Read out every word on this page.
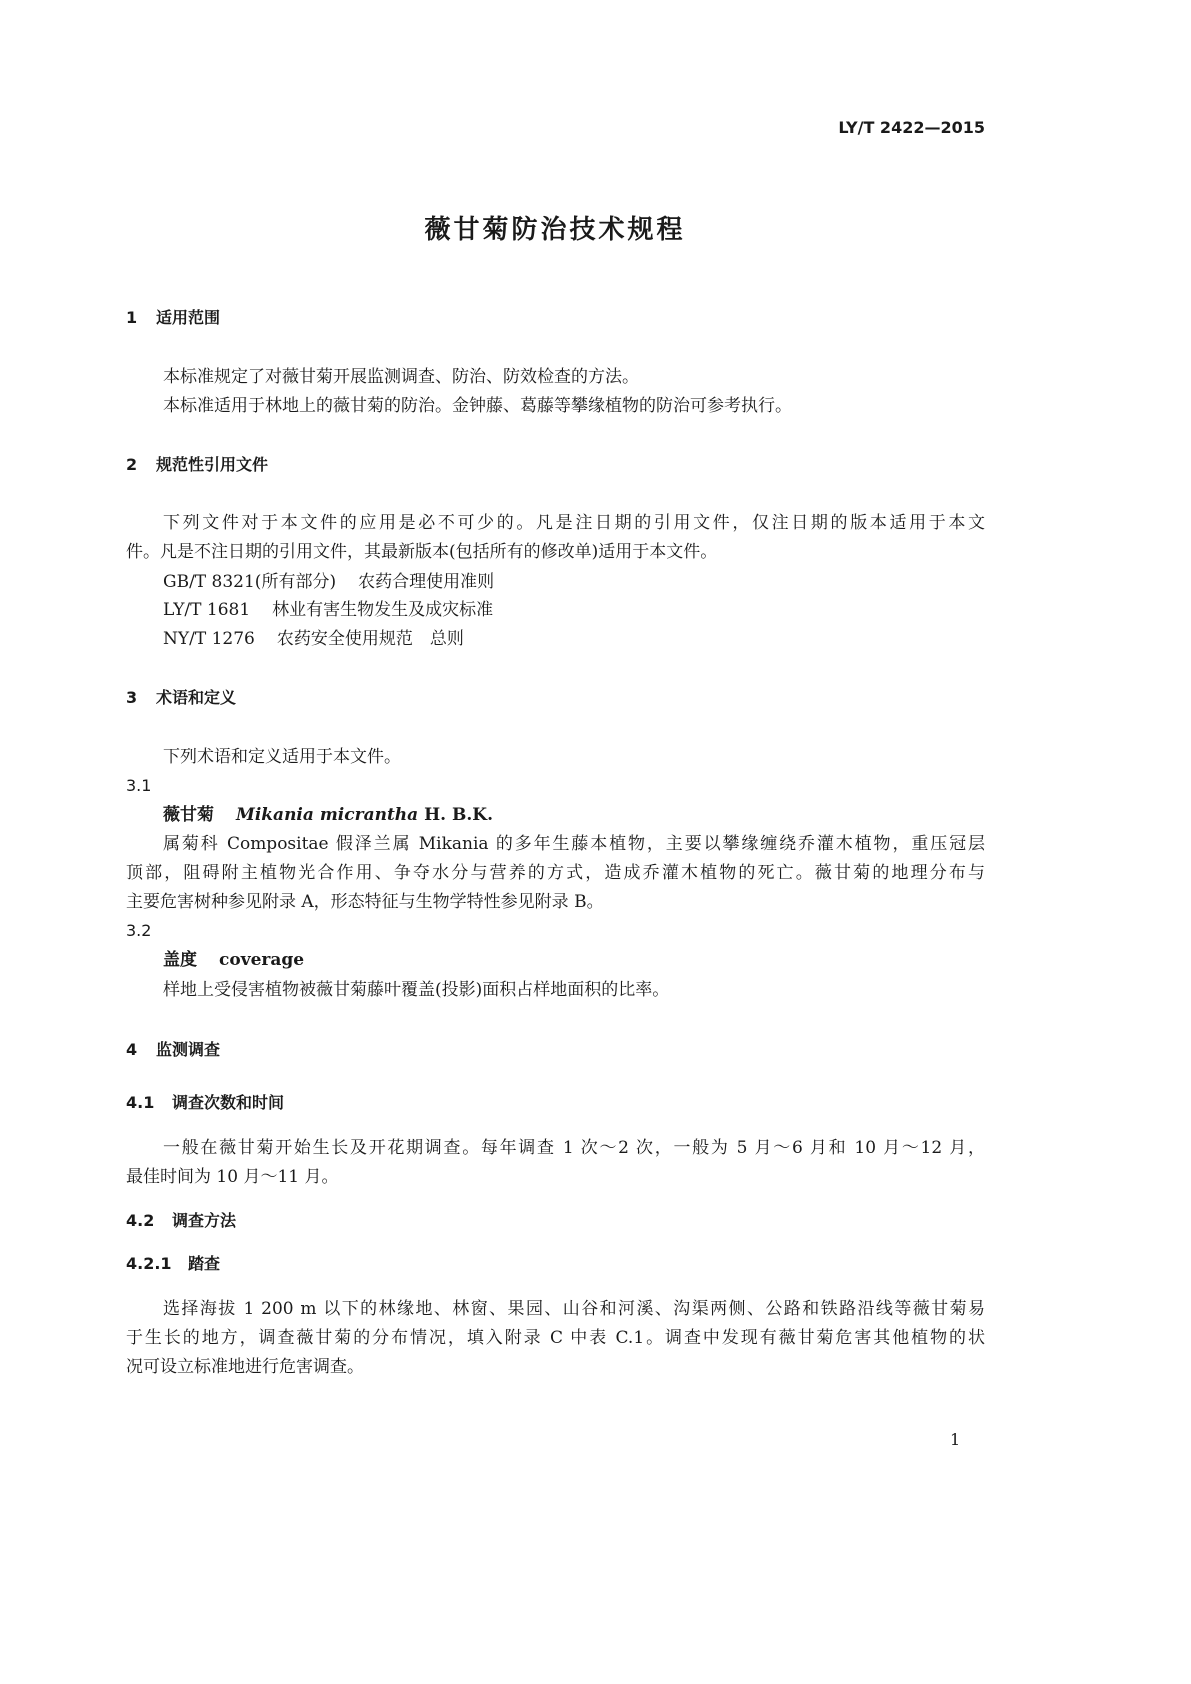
LY/T 2422—2015
薇甘菊防治技术规程
1 适用范围
本标准规定了对薇甘菊开展监测调查、防治、防效检查的方法。
本标准适用于林地上的薇甘菊的防治。金钟藤、葛藤等攀缘植物的防治可参考执行。
2 规范性引用文件
下列文件对于本文件的应用是必不可少的。凡是注日期的引用文件，仅注日期的版本适用于本文
件。凡是不注日期的引用文件，其最新版本(包括所有的修改单)适用于本文件。
GB/T 8321(所有部分) 农药合理使用准则
LY/T 1681 林业有害生物发生及成灾标准
NY/T 1276 农药安全使用规范　总则
3 术语和定义
下列术语和定义适用于本文件。
3.1
薇甘菊 Mikania micrantha H. B.K.
属菊科 Compositae 假泽兰属 Mikania 的多年生藤本植物，主要以攀缘缠绕乔灌木植物，重压冠层
顶部，阻碍附主植物光合作用、争夺水分与营养的方式，造成乔灌木植物的死亡。薇甘菊的地理分布与
主要危害树种参见附录 A，形态特征与生物学特性参见附录 B。
3.2
盖度 coverage
样地上受侵害植物被薇甘菊藤叶覆盖(投影)面积占样地面积的比率。
4 监测调查
4.1 调查次数和时间
一般在薇甘菊开始生长及开花期调查。每年调查 1 次～2 次，一般为 5 月～6 月和 10 月～12 月，
最佳时间为 10 月～11 月。
4.2 调查方法
4.2.1 踏查
选择海拔 1 200 m 以下的林缘地、林窗、果园、山谷和河溪、沟渠两侧、公路和铁路沿线等薇甘菊易
于生长的地方，调查薇甘菊的分布情况，填入附录 C 中表 C.1。调查中发现有薇甘菊危害其他植物的状
况可设立标准地进行危害调查。
1
